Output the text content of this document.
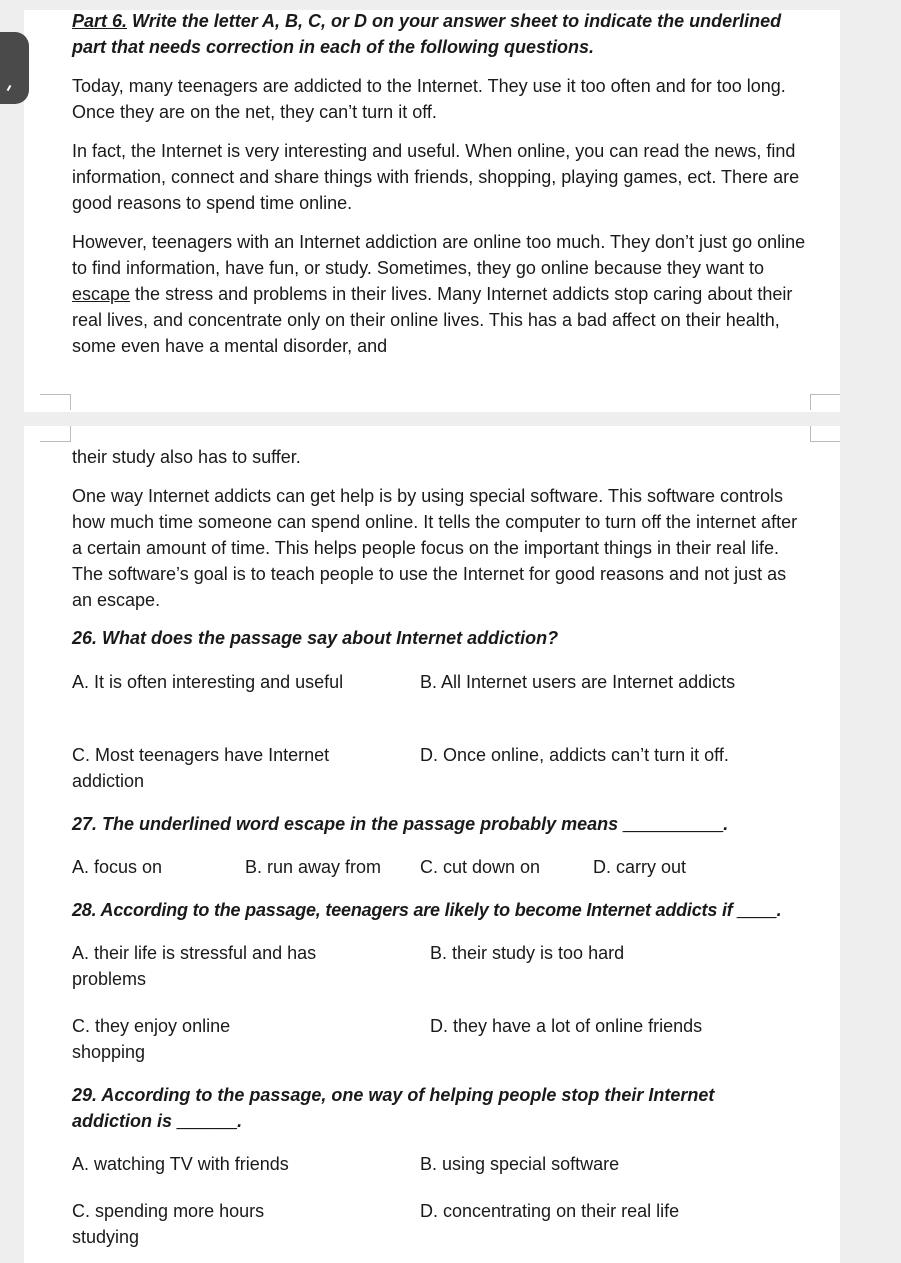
Part 6. Write the letter A, B, C, or D on your answer sheet to indicate the underlined

part that needs correction in each of the following questions.

Today, many teenagers are addicted to the Internet. They use it too often and for too long. Once they are on the net, they can’t turn it off.

In fact, the Internet is very interesting and useful. When online, you can read the news, find information, connect and share things with friends, shopping, playing games, ect. There are good reasons to spend time online.

However, teenagers with an Internet addiction are online too much. They don’t just go online to find information, have fun, or study. Sometimes, they go online because they want to escape the stress and problems in their lives. Many Internet addicts stop caring about their real lives, and concentrate only on their online lives. This has a bad affect on their health, some even have a mental disorder, and

their study also has to suffer.

One way Internet addicts can get help is by using special software. This software controls how much time someone can spend online. It tells the computer to turn off the internet after a certain amount of time. This helps people focus on the important things in their real life. The software’s goal is to teach people to use the Internet for good reasons and not just as an escape.

26. What does the passage say about Internet addiction?

A. It is often interesting and useful	B. All Internet users are Internet addicts

C. Most teenagers have Internet addiction

D. Once online, addicts can’t turn it off.

27. The underlined word escape in the passage probably means __________.

A. focus on	B. run away from C. cut down on	D. carry out

28. According to the passage, teenagers are likely to become Internet addicts if ____.

A. their life is stressful and has problems

B. their study is too hard

C. they enjoy online shopping

D. they have a lot of online friends

29. According to the passage, one way of helping people stop their Internet addiction is ______.

A. watching TV with friends	B. using special software

C. spending more hours studying

D. concentrating on their real life
